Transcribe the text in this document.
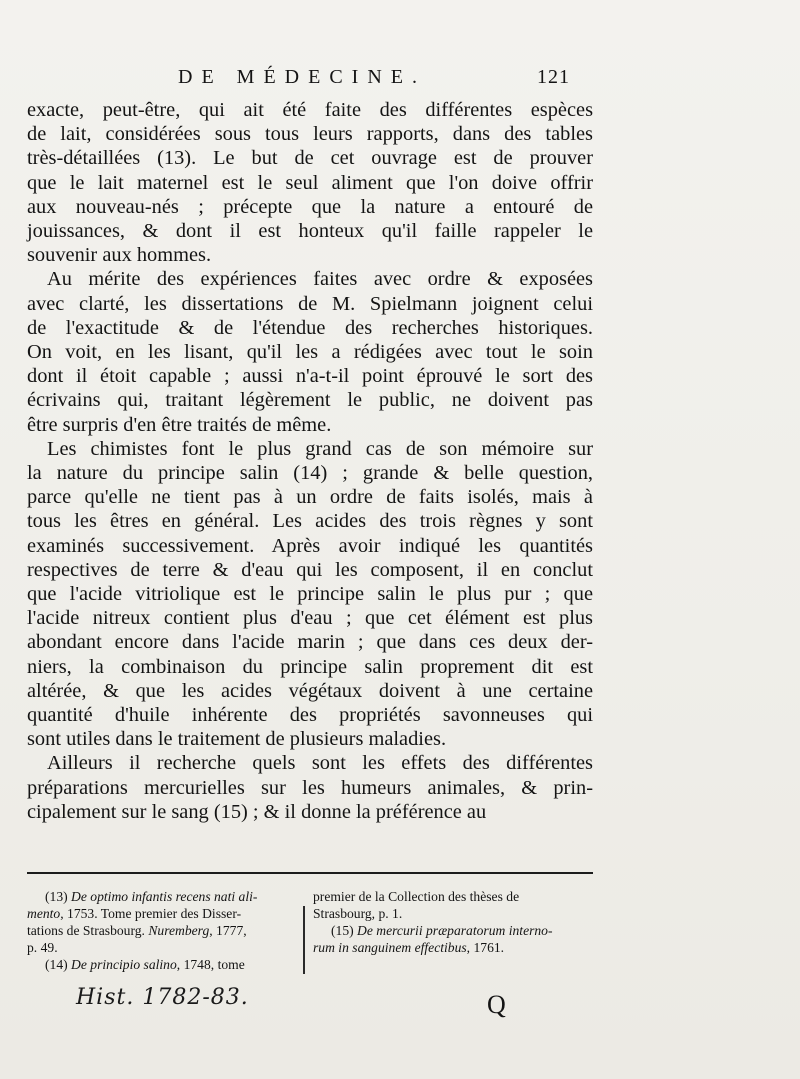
DE MÉDECINE.	121
exacte, peut-être, qui ait été faite des différentes espèces
de lait, considérées sous tous leurs rapports, dans des tables
très-détaillées (13). Le but de cet ouvrage est de prouver
que le lait maternel est le seul aliment que l'on doive offrir
aux nouveau-nés ; précepte que la nature a entouré de
jouissances, & dont il est honteux qu'il faille rappeler le
souvenir aux hommes.
Au mérite des expériences faites avec ordre & exposées
avec clarté, les dissertations de M. Spielmann joignent celui
de l'exactitude & de l'étendue des recherches historiques.
On voit, en les lisant, qu'il les a rédigées avec tout le soin
dont il étoit capable ; aussi n'a-t-il point éprouvé le sort des
écrivains qui, traitant légèrement le public, ne doivent pas
être surpris d'en être traités de même.
Les chimistes font le plus grand cas de son mémoire sur
la nature du principe salin (14) ; grande & belle question,
parce qu'elle ne tient pas à un ordre de faits isolés, mais à
tous les êtres en général. Les acides des trois règnes y sont
examinés successivement. Après avoir indiqué les quantités
respectives de terre & d'eau qui les composent, il en conclut
que l'acide vitriolique est le principe salin le plus pur ; que
l'acide nitreux contient plus d'eau ; que cet élément est plus
abondant encore dans l'acide marin ; que dans ces deux der-
niers, la combinaison du principe salin proprement dit est
altérée, & que les acides végétaux doivent à une certaine
quantité d'huile inhérente des propriétés savonneuses qui
sont utiles dans le traitement de plusieurs maladies.
Ailleurs il recherche quels sont les effets des différentes
préparations mercurielles sur les humeurs animales, & prin-
cipalement sur le sang (15) ; & il donne la préférence au
(13) De optimo infantis recens nati ali-
mento, 1753. Tome premier des Disser-
tations de Strasbourg. Nuremberg, 1777,
p. 49.
(14) De principio salino, 1748, tome
premier de la Collection des thèses de
Strasbourg, p. 1.
(15) De mercurii præparatorum interno-
rum in sanguinem effectibus, 1761.
Hist. 1782-83.	Q
